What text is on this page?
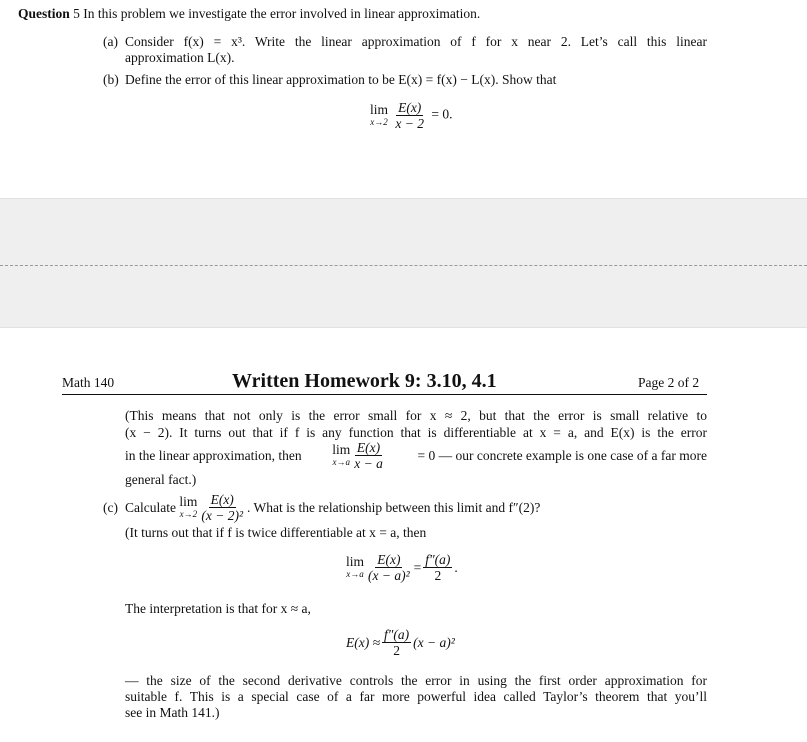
Question 5 In this problem we investigate the error involved in linear approximation.
(a) Consider f(x) = x³. Write the linear approximation of f for x near 2. Let’s call this linear
approximation L(x).
(b) Define the error of this linear approximation to be E(x) = f(x) − L(x). Show that
lim
x→2
$\frac{E(x)}{x - 2} = 0$.
Math 140	Written Homework 9: 3.10, 4.1	Page 2 of 2
(This means that not only is the error small for x ≈ 2, but that the error is small relative to
(x − 2). It turns out that if f is any function that is differentiable at x = a, and E(x) is the error
in the linear approximation, then lim
$x\to a \frac{E(x)}{x - a} = 0$ — our concrete example is one case of a far more
general fact.)
(c) Calculate
lim
$x\to 2 \frac{E(x)}{\text{(x − 2)²}}$ . What is the relationship between this limit and f″(2)?
(It turns out that if f is twice differentiable at x = a, then
lim
$x\to a \frac{E(x)}{\text{(x − a)²}} = \frac{f''(a)}{2}$ .
The interpretation is that for x ≈ a,
$E(x) \approx \frac{f''(a)}{2} (x - a)^2$
— the size of the second derivative controls the error in using the first order approximation for
suitable f. This is a special case of a far more powerful idea called Taylor’s theorem that you’ll
see in Math 141.)
